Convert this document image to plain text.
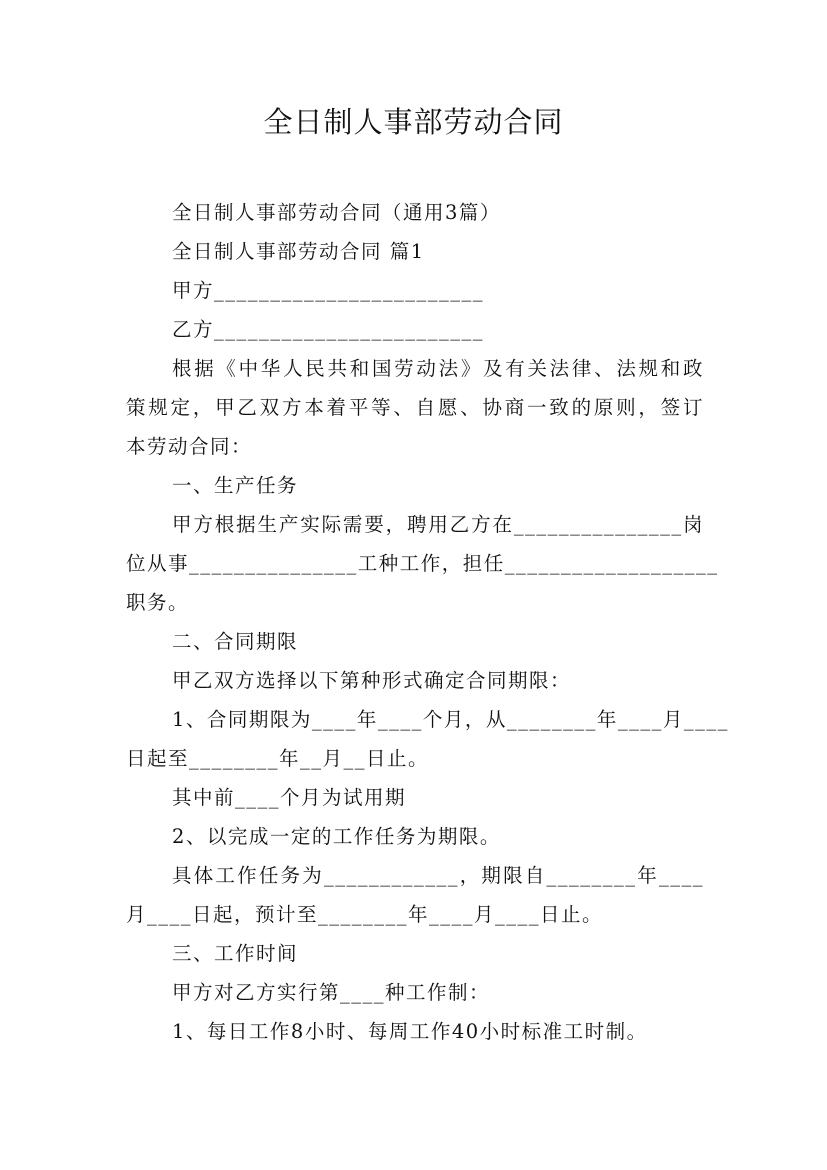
全日制人事部劳动合同
全日制人事部劳动合同（通用3篇）
全日制人事部劳动合同 篇1
甲方________________________
乙方________________________
根据《中华人民共和国劳动法》及有关法律、法规和政
策规定，甲乙双方本着平等、自愿、协商一致的原则，签订
本劳动合同：
一、生产任务
甲方根据生产实际需要，聘用乙方在_______________岗
位从事_______________工种工作，担任___________________
职务。
二、合同期限
甲乙双方选择以下第种形式确定合同期限：
1、合同期限为____年____个月，从________年____月____
日起至________年__月__日止。
其中前____个月为试用期
2、以完成一定的工作任务为期限。
具体工作任务为____________，期限自________年____
月____日起，预计至________年____月____日止。
三、工作时间
甲方对乙方实行第____种工作制：
1、每日工作8小时、每周工作40小时标准工时制。
